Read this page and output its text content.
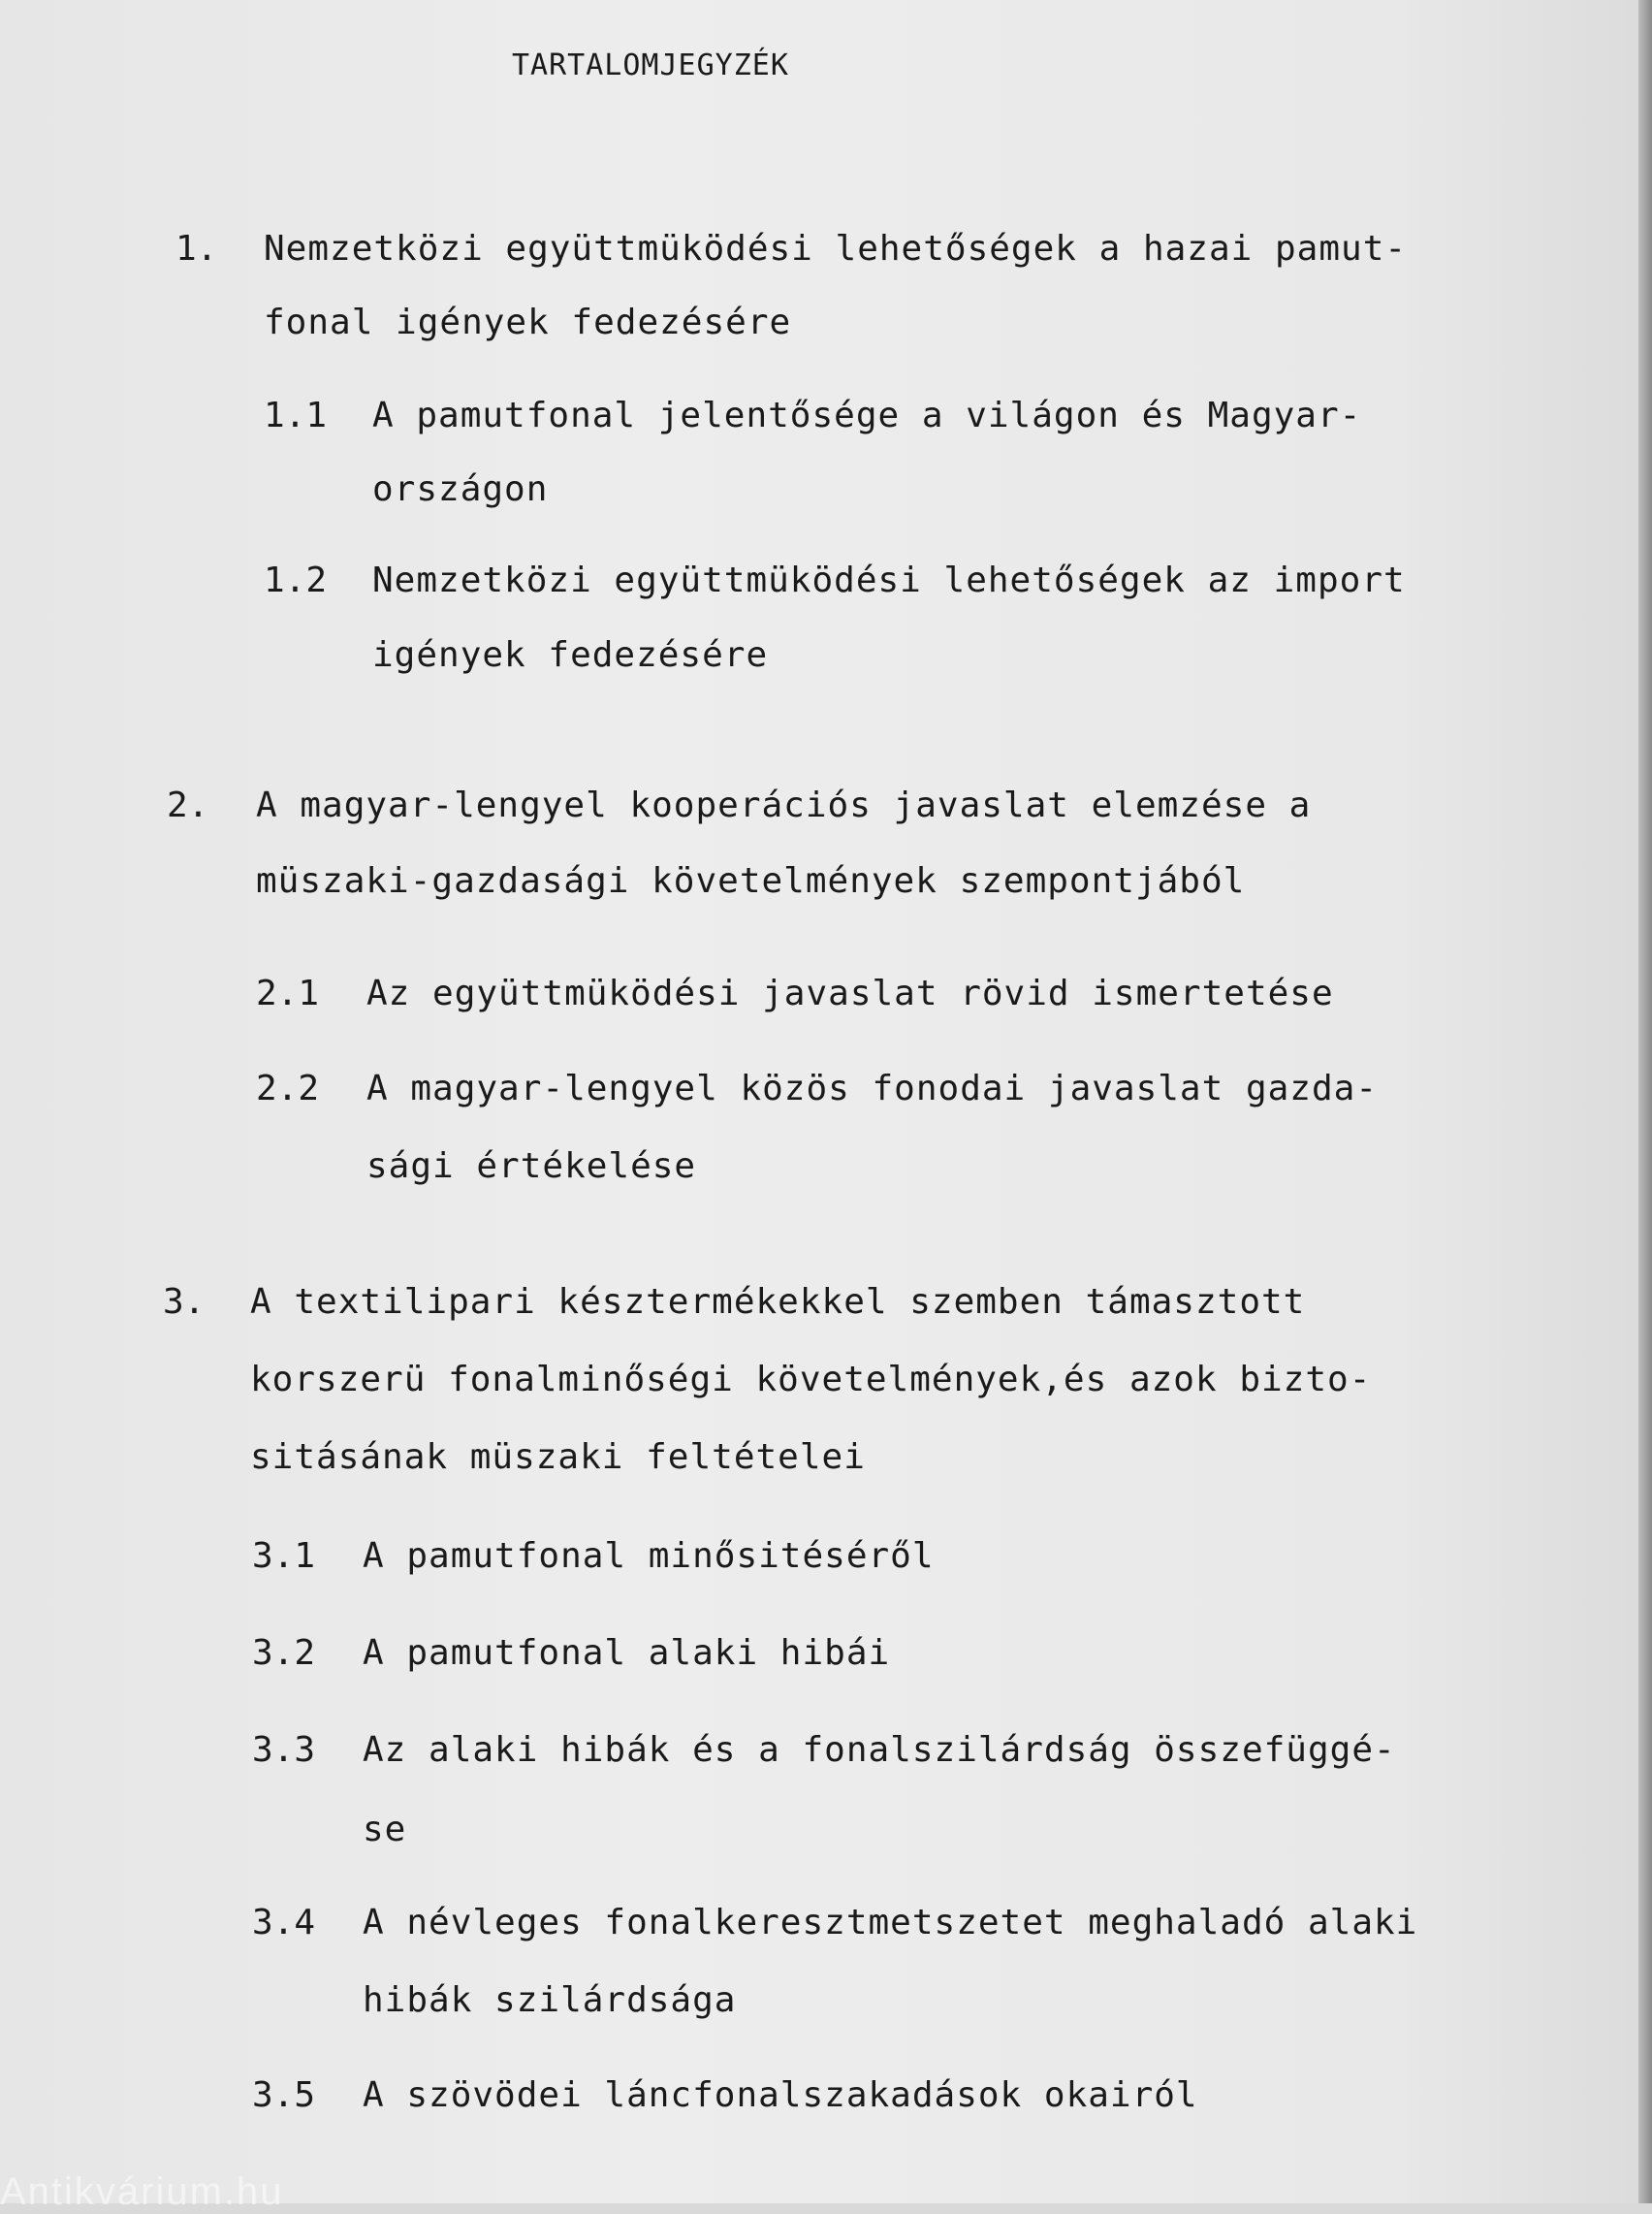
TARTALOMJEGYZÉK
1. Nemzetközi együttmüködési lehetőségek a hazai pamut-
fonal igények fedezésére
1.1 A pamutfonal jelentősége a világon és Magyar-
országon
1.2 Nemzetközi együttmüködési lehetőségek az import
igények fedezésére
2. A magyar-lengyel kooperációs javaslat elemzése a
müszaki-gazdasági követelmények szempontjából
2.1 Az együttmüködési javaslat rövid ismertetése
2.2 A magyar-lengyel közös fonodai javaslat gazda-
sági értékelése
3. A textilipari késztermékekkel szemben támasztott
korszerü fonalminőségi követelmények,és azok bizto-
sitásának müszaki feltételei
3.1 A pamutfonal minősitéséről
3.2 A pamutfonal alaki hibái
3.3 Az alaki hibák és a fonalszilárdság összefüggé-
se
3.4 A névleges fonalkeresztmetszetet meghaladó alaki
hibák szilárdsága
3.5 A szövödei láncfonalszakadások okairól
Antikvárium.hu
